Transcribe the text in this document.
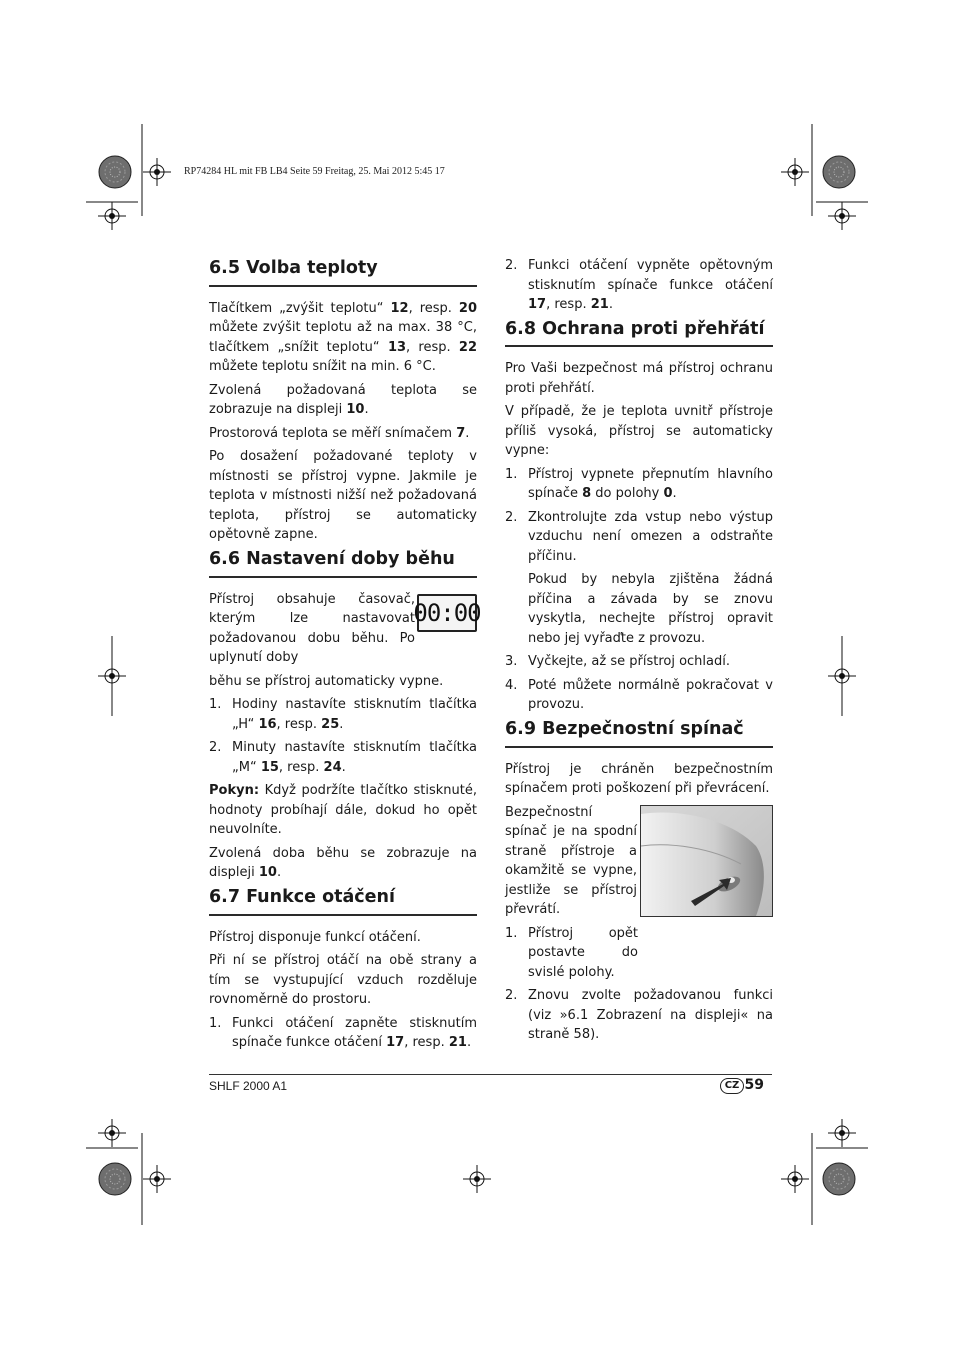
RP74284 HL mit FB LB4 Seite 59 Freitag, 25. Mai 2012 5:45 17
6.5 Volba teploty

Tlačítkem „zvýšit teplotu“ 12, resp. 20 můžete zvýšit teplotu až na max. 38 °C, tlačítkem „snížit teplotu“ 13, resp. 22 můžete teplotu snížit na min. 6 °C.

Zvolená požadovaná teplota se zobrazuje na displeji 10.

Prostorová teplota se měří snímačem 7.

Po dosažení požadované teploty v místnosti se přístroj vypne. Jakmile je teplota v místnosti nižší než požadovaná teplota, přístroj se automaticky opětovně zapne.

6.6 Nastavení doby běhu

Přístroj obsahuje časovač, kterým lze nastavovat požadovanou dobu běhu. Po uplynutí doby

00:00

běhu se přístroj automaticky vypne.

1. Hodiny nastavíte stisknutím tlačítka „H“ 16, resp. 25.
2. Minuty nastavíte stisknutím tlačítka „M“ 15, resp. 24.

Pokyn: Když podržíte tlačítko stisknuté, hodnoty probíhají dále, dokud ho opět neuvolníte.

Zvolená doba běhu se zobrazuje na displeji 10.

6.7 Funkce otáčení

Přístroj disponuje funkcí otáčení.

Při ní se přístroj otáčí na obě strany a tím se vystupující vzduch rozděluje rovnoměrně do prostoru.

1. Funkci otáčení zapněte stisknutím spínače funkce otáčení 17, resp. 21.
2. Funkci otáčení vypněte opětovným stisknutím spínače funkce otáčení 17, resp. 21.
6.8 Ochrana proti přehřátí

Pro Vaši bezpečnost má přístroj ochranu proti přehřátí.

V případě, že je teplota uvnitř přístroje příliš vysoká, přístroj se automaticky vypne:

1. Přístroj vypnete přepnutím hlavního spínače 8 do polohy 0.
2. Zkontrolujte zda vstup nebo výstup vzduchu není omezen a odstraňte příčinu.

Pokud by nebyla zjištěna žádná příčina a závada by se znovu vyskytla, nechejte přístroj opravit nebo jej vyřaďte z provozu.

3. Vyčkejte, až se přístroj ochladí.
4. Poté můžete normálně pokračovat v provozu.
6.9 Bezpečnostní spínač

Přístroj je chráněn bezpečnostním spínačem proti poškození při převrácení.

Bezpečnostní spínač je na spodní straně přístroje a okamžitě se vypne, jestliže se přístroj převrátí.

1. Přístroj opět postavte do svislé polohy.
2. Znovu zvolte požadovanou funkci (viz »6.1 Zobrazení na displeji« na straně 58).
SHLF 2000 A1	CZ 59
